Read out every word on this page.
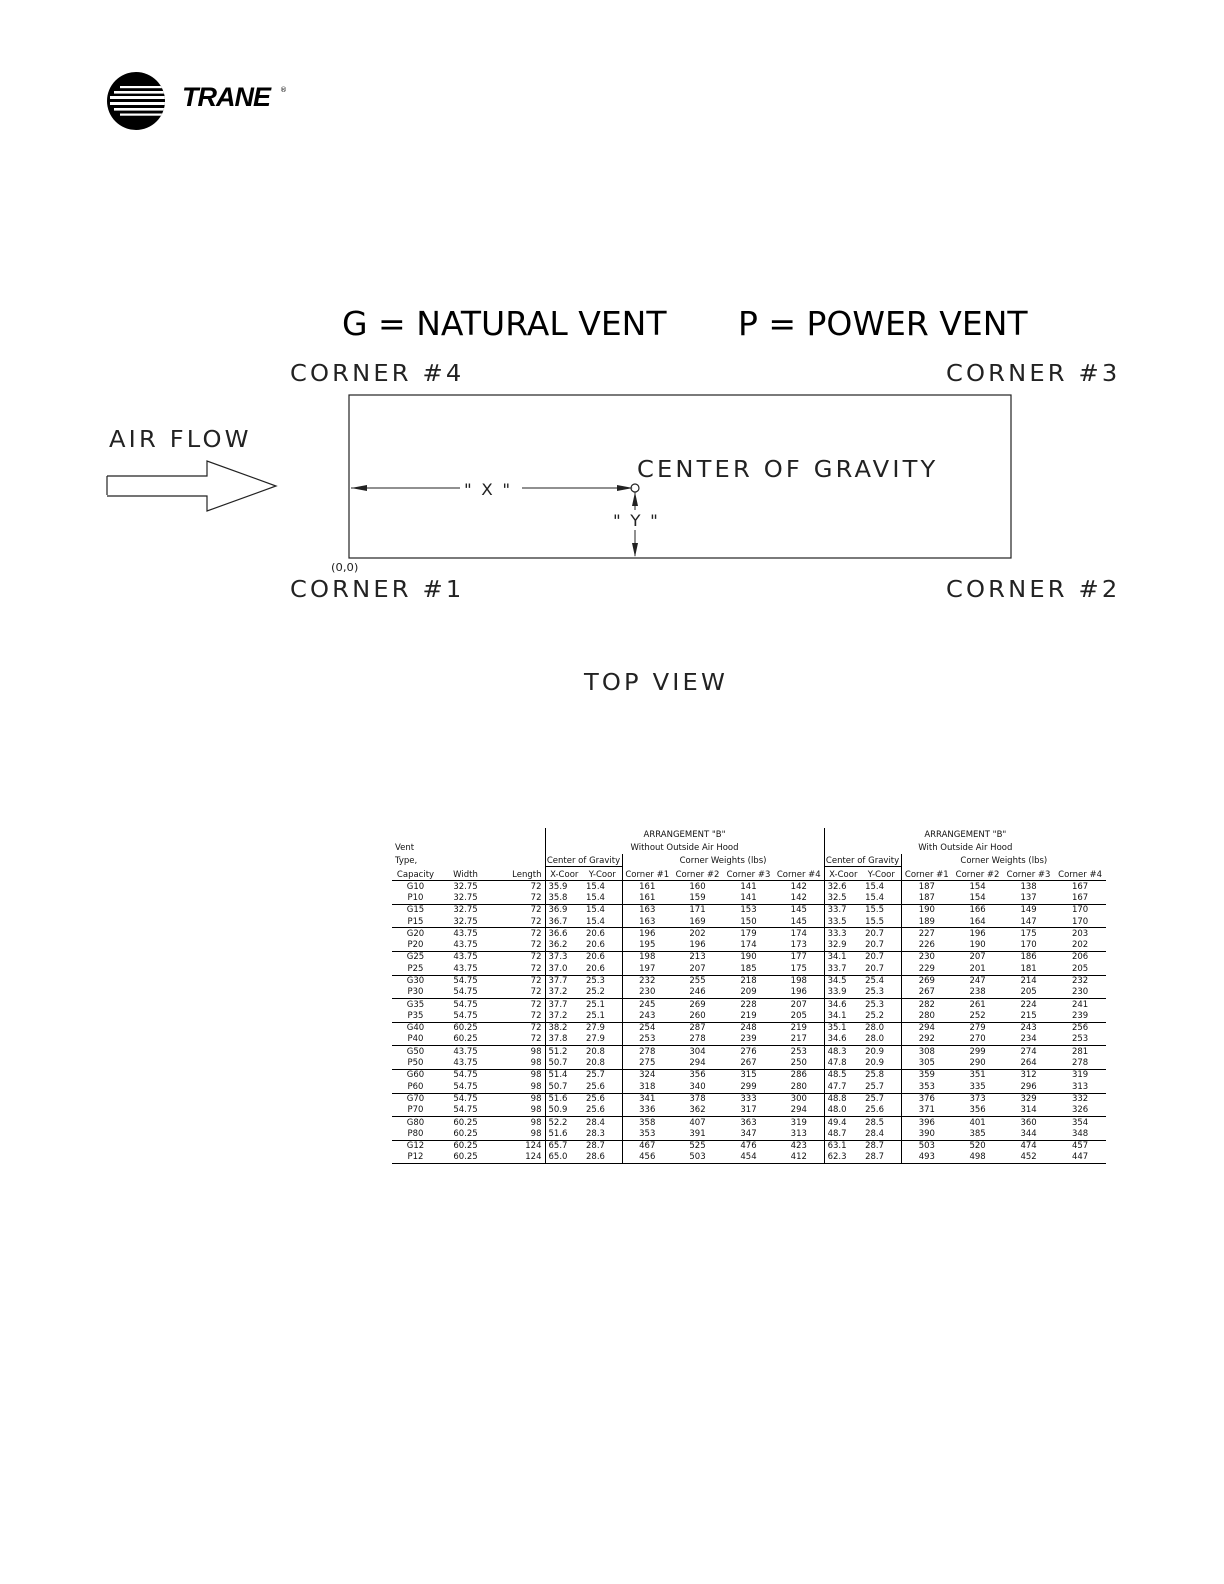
TRANE ®
G = NATURAL VENT P = POWER VENT
CORNER #4	CORNER #3
AIR FLOW
CENTER OF GRAVITY
" X "
" Y "
(0,0)
CORNER #1	CORNER #2
TOP VIEW
			ARRANGEMENT "B"						ARRANGEMENT "B"					
Vent			Without Outside Air Hood						With Outside Air Hood					
Type,			Center of Gravity		Corner Weights (lbs)				Center of Gravity		Corner Weights (lbs)			
Capacity	Width	Length	X-Coor	Y-Coor	Corner #1	Corner #2	Corner #3	Corner #4	X-Coor	Y-Coor	Corner #1	Corner #2	Corner #3	Corner #4
G10	32.75	72	35.9	15.4	161	160	141	142	32.6	15.4	187	154	138	167
P10	32.75	72	35.8	15.4	161	159	141	142	32.5	15.4	187	154	137	167
G15	32.75	72	36.9	15.4	163	171	153	145	33.7	15.5	190	166	149	170
P15	32.75	72	36.7	15.4	163	169	150	145	33.5	15.5	189	164	147	170
G20	43.75	72	36.6	20.6	196	202	179	174	33.3	20.7	227	196	175	203
P20	43.75	72	36.2	20.6	195	196	174	173	32.9	20.7	226	190	170	202
G25	43.75	72	37.3	20.6	198	213	190	177	34.1	20.7	230	207	186	206
P25	43.75	72	37.0	20.6	197	207	185	175	33.7	20.7	229	201	181	205
G30	54.75	72	37.7	25.3	232	255	218	198	34.5	25.4	269	247	214	232
P30	54.75	72	37.2	25.2	230	246	209	196	33.9	25.3	267	238	205	230
G35	54.75	72	37.7	25.1	245	269	228	207	34.6	25.3	282	261	224	241
P35	54.75	72	37.2	25.1	243	260	219	205	34.1	25.2	280	252	215	239
G40	60.25	72	38.2	27.9	254	287	248	219	35.1	28.0	294	279	243	256
P40	60.25	72	37.8	27.9	253	278	239	217	34.6	28.0	292	270	234	253
G50	43.75	98	51.2	20.8	278	304	276	253	48.3	20.9	308	299	274	281
P50	43.75	98	50.7	20.8	275	294	267	250	47.8	20.9	305	290	264	278
G60	54.75	98	51.4	25.7	324	356	315	286	48.5	25.8	359	351	312	319
P60	54.75	98	50.7	25.6	318	340	299	280	47.7	25.7	353	335	296	313
G70	54.75	98	51.6	25.6	341	378	333	300	48.8	25.7	376	373	329	332
P70	54.75	98	50.9	25.6	336	362	317	294	48.0	25.6	371	356	314	326
G80	60.25	98	52.2	28.4	358	407	363	319	49.4	28.5	396	401	360	354
P80	60.25	98	51.6	28.3	353	391	347	313	48.7	28.4	390	385	344	348
G12	60.25	124	65.7	28.7	467	525	476	423	63.1	28.7	503	520	474	457
P12	60.25	124	65.0	28.6	456	503	454	412	62.3	28.7	493	498	452	447
